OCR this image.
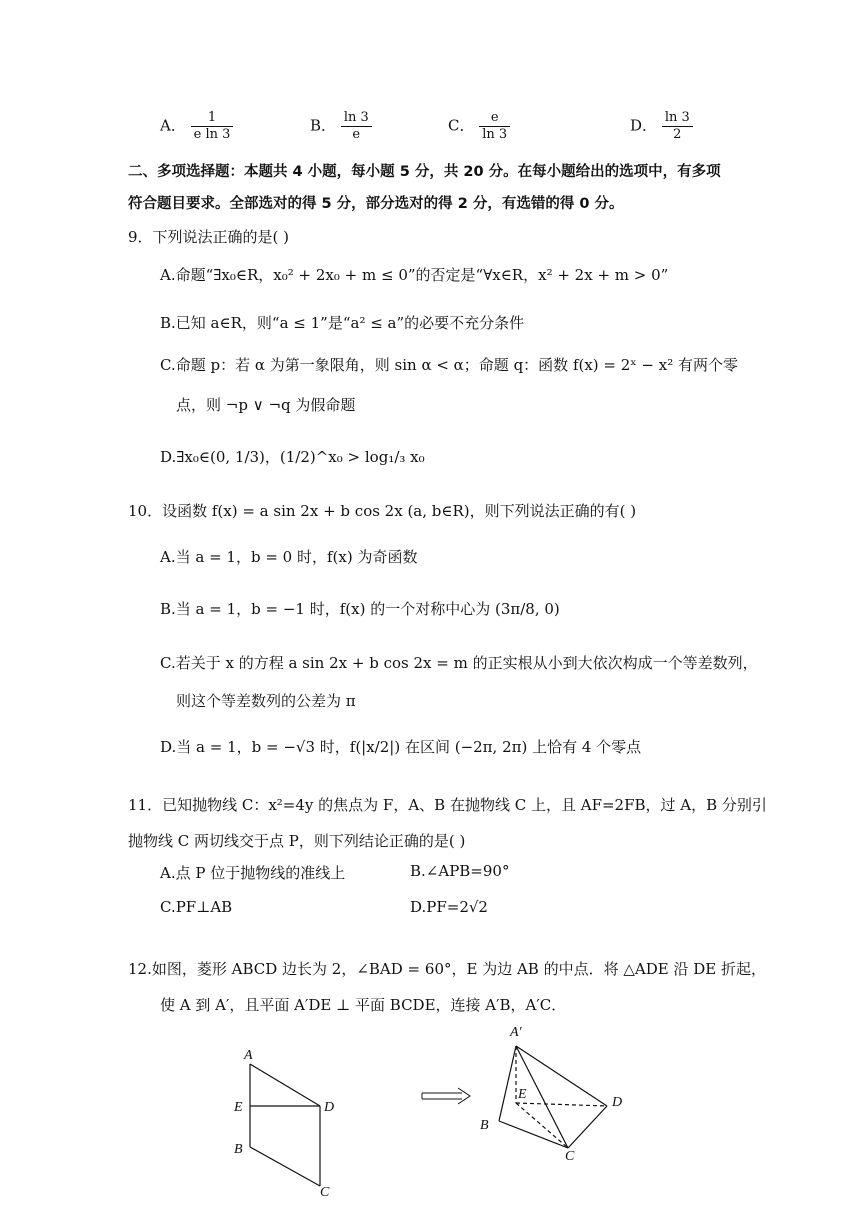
A． $\frac{1}{\text{e ln 3}}$	B． $\frac{\ln 3}{e}$	C． $\frac{e}{\ln 3}$	D． $\frac{\ln 3}{2}$
二、多项选择题：本题共 4 小题，每小题 5 分，共 20 分。在每小题给出的选项中，有多项
符合题目要求。全部选对的得 5 分，部分选对的得 2 分，有选错的得 0 分。
9．下列说法正确的是( )
A.命题“∃x₀∈R，x₀² + 2x₀ + m ≤ 0”的否定是“∀x∈R，x² + 2x + m > 0”
B.已知 a∈R，则“a ≤ 1”是“a² ≤ a”的必要不充分条件
C.命题 p：若 α 为第一象限角，则 sin α < α；命题 q：函数 f(x) = 2ˣ − x² 有两个零
点，则 ¬p ∨ ¬q 为假命题
D.∃x₀∈(0, 1/3)，(1/2)^x₀ > log₁/₃ x₀
10．设函数 f(x) = a sin 2x + b cos 2x (a, b∈R)，则下列说法正确的有( )
A.当 a = 1，b = 0 时，f(x) 为奇函数
B.当 a = 1，b = −1 时，f(x) 的一个对称中心为 (3π/8, 0)
C.若关于 x 的方程 a sin 2x + b cos 2x = m 的正实根从小到大依次构成一个等差数列，
则这个等差数列的公差为 π
D.当 a = 1，b = −√3 时，f(|x/2|) 在区间 (−2π, 2π) 上恰有 4 个零点
11．已知抛物线 C：x²=4y 的焦点为 F，A、B 在抛物线 C 上，且 AF=2FB，过 A，B 分别引
抛物线 C 两切线交于点 P，则下列结论正确的是( )
A.点 P 位于抛物线的准线上	B.∠APB=90°
C.PF⊥AB	D.PF=2√2
12.如图，菱形 ABCD 边长为 2，∠BAD = 60°，E 为边 AB 的中点．将 △ADE 沿 DE 折起，
使 A 到 A′，且平面 A′DE ⊥ 平面 BCDE，连接 A′B，A′C．
A
E	D
B
C
A′
E
D
B
C
